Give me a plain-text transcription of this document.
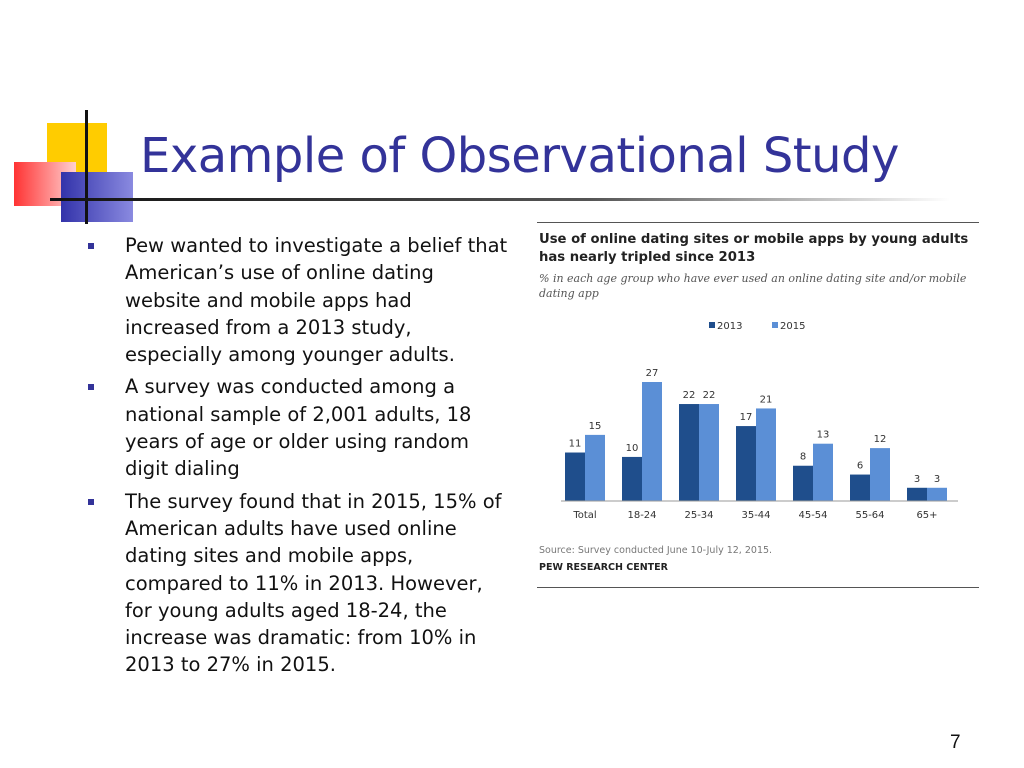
Example of Observational Study
Pew wanted to investigate a belief that American’s use of online dating website and mobile apps had increased from a 2013 study, especially among younger adults.
A survey was conducted among a national sample of 2,001 adults, 18 years of age or older using random digit dialing
The survey found that in 2015, 15% of American adults have used online dating sites and mobile apps, compared to 11% in 2013. However, for young adults aged 18-24, the increase was dramatic: from 10% in 2013 to 27% in 2015.
Use of online dating sites or mobile apps by young adults has nearly tripled since 2013
% in each age group who have ever used an online dating site and/or mobile dating app
2013	2015
11
15
Total
10
27
18-24
22 22
25-34
17
21
35-44
8
13
45-54
6
12
55-64
3 3
65+
Source: Survey conducted June 10-July 12, 2015.
PEW RESEARCH CENTER
7
